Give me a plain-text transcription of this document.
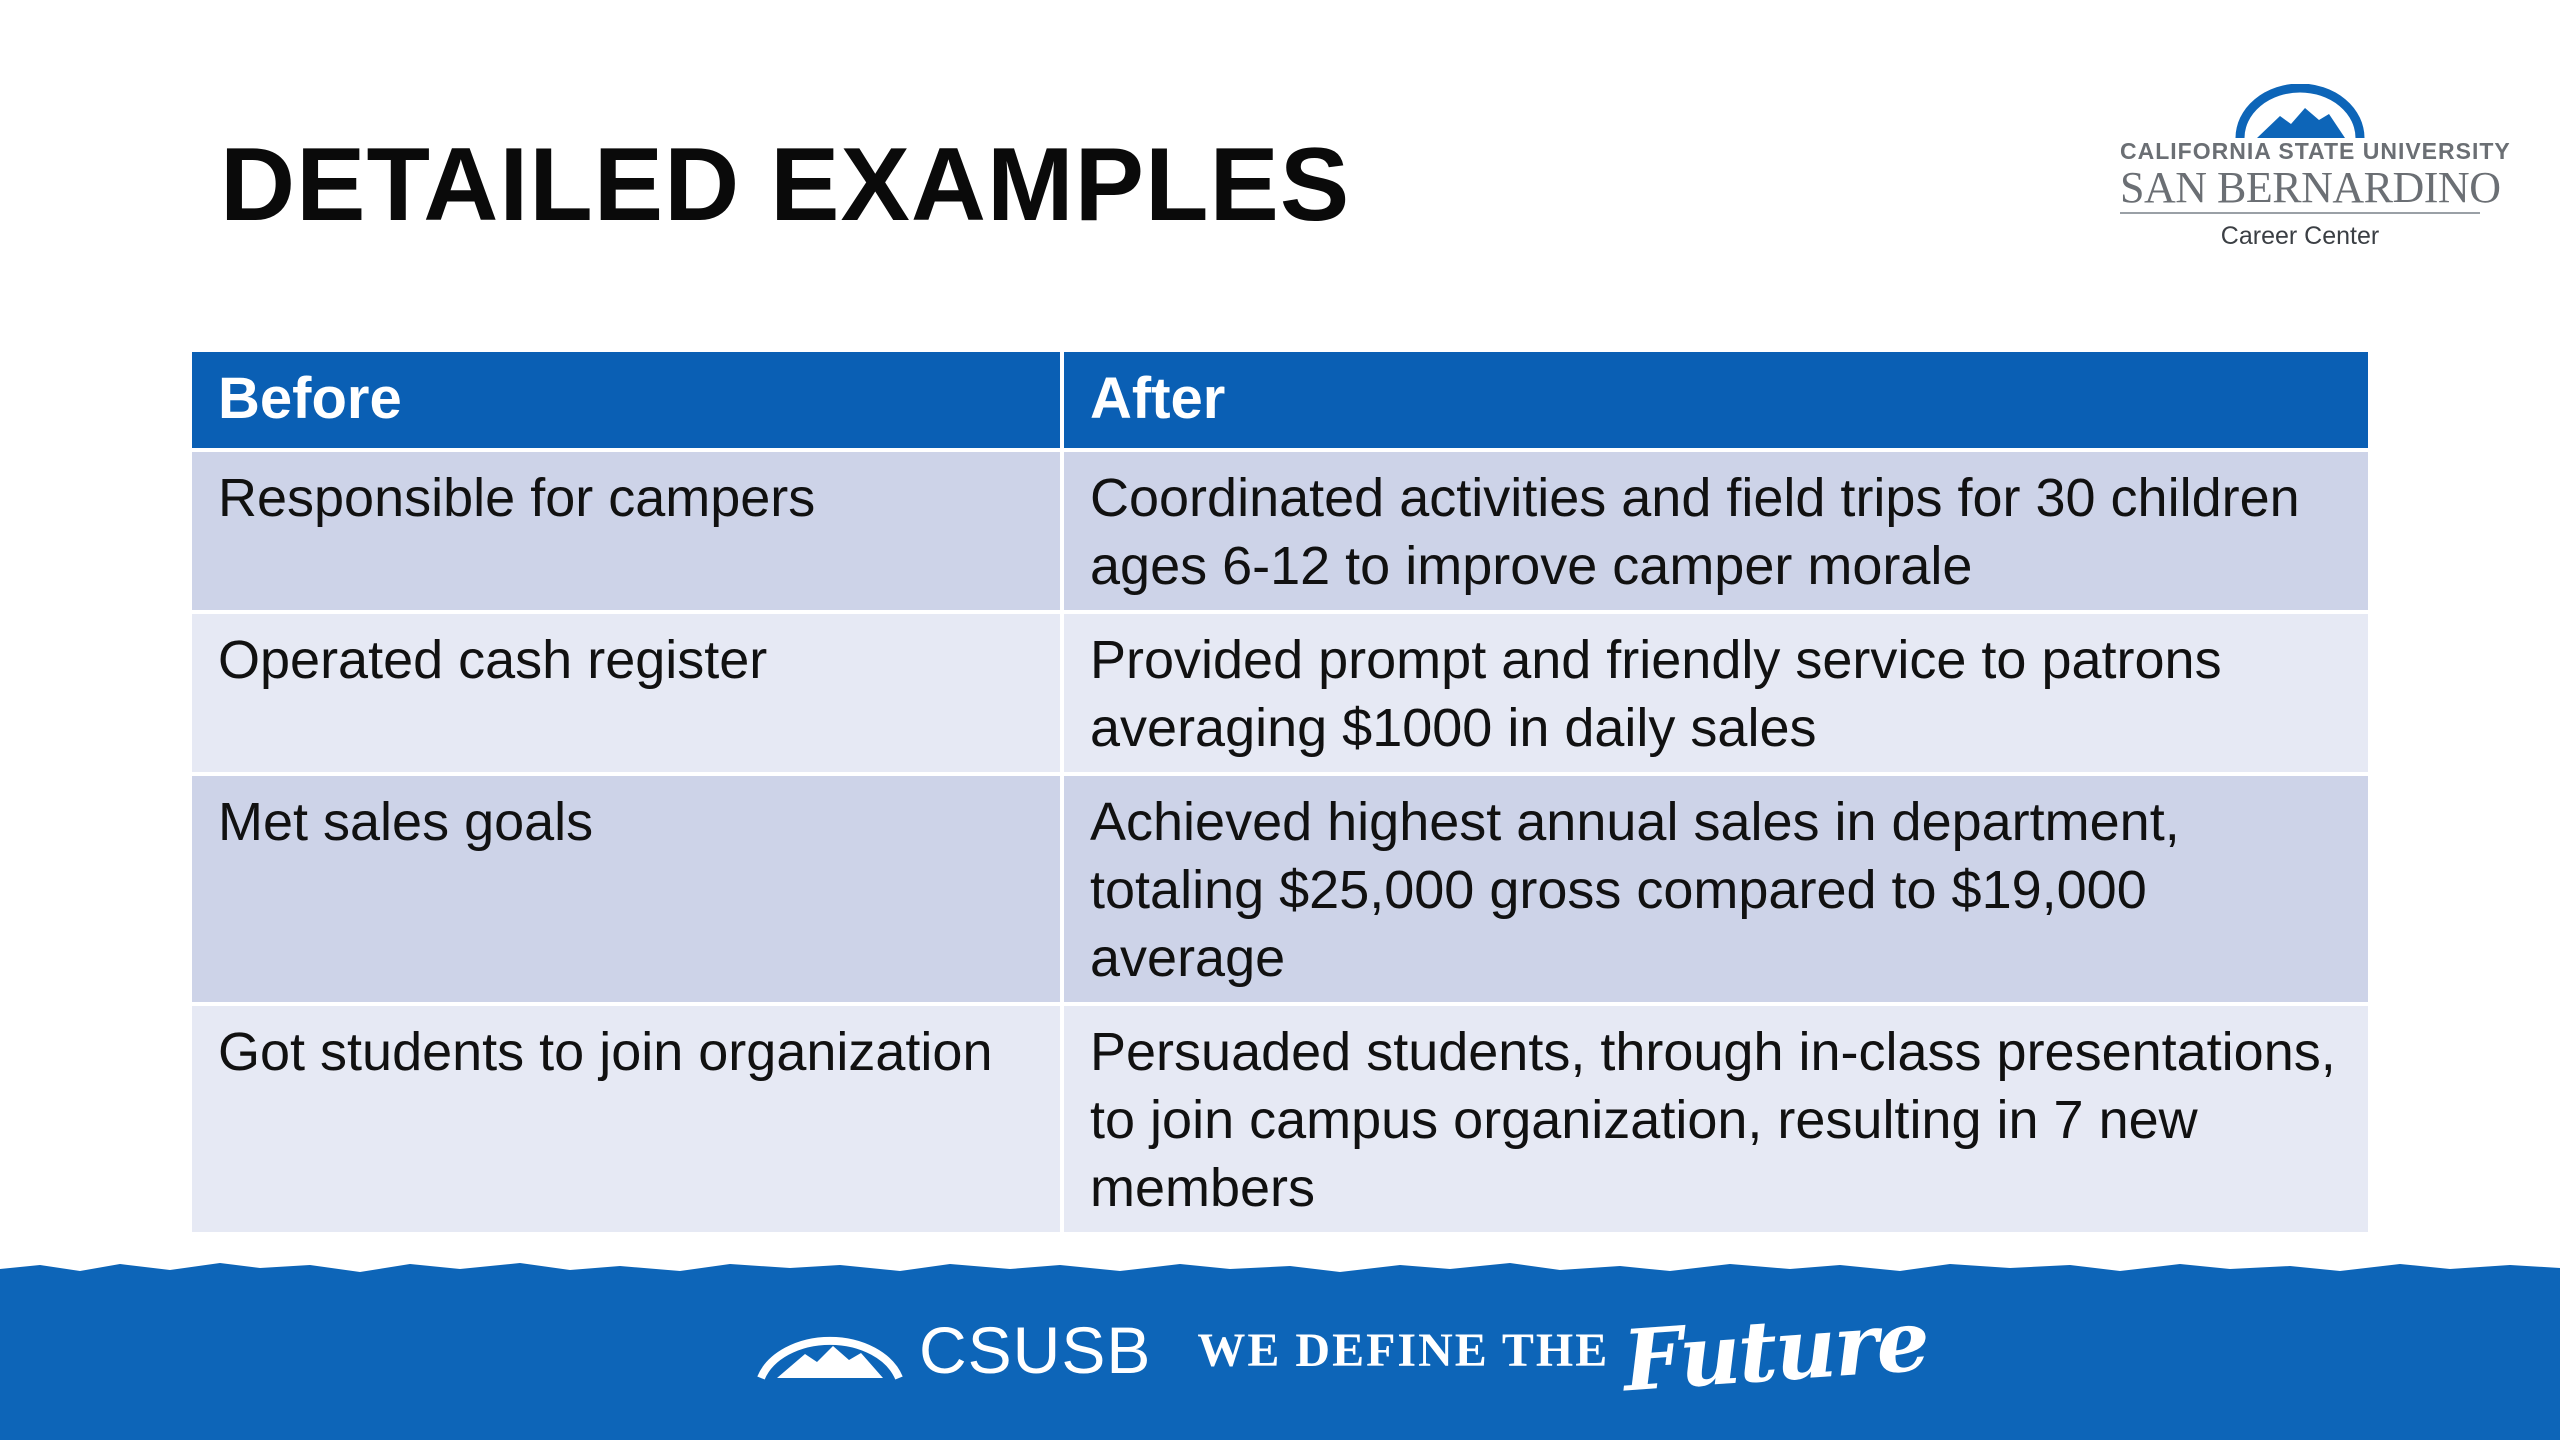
DETAILED EXAMPLES	CALIFORNIA STATE UNIVERSITY
SAN BERNARDINO
Career Center
Before	After
Responsible for campers	Coordinated activities and field trips for 30 children ages 6-12 to improve camper morale
Operated cash register	Provided prompt and friendly service to patrons averaging $1000 in daily sales
Met sales goals	Achieved highest annual sales in department, totaling $25,000 gross compared to $19,000 average
Got students to join organization	Persuaded students, through in-class presentations, to join campus organization, resulting in 7 new members
CSUSB WE DEFINE THE Future
